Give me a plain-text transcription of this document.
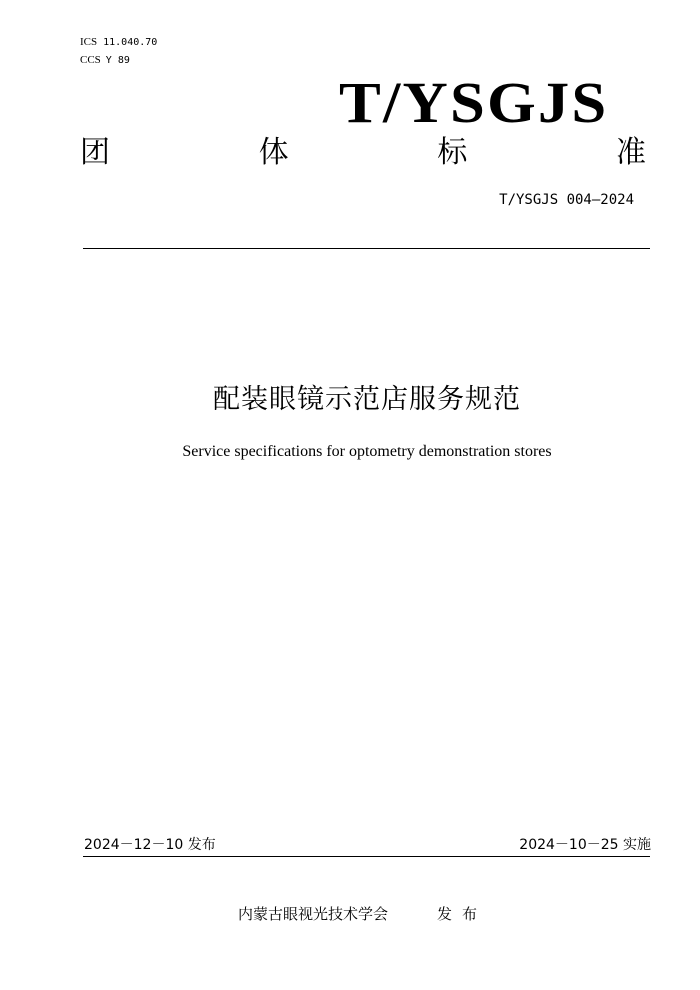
ICS 11.040.70
CCS Y 89
T/YSGJS
团	体	标	准
T/YSGJS 004—2024
配装眼镜示范店服务规范
Service specifications for optometry demonstration stores
2024－12－10 发布	2024－10－25 实施
内蒙古眼视光技术学会	发布
